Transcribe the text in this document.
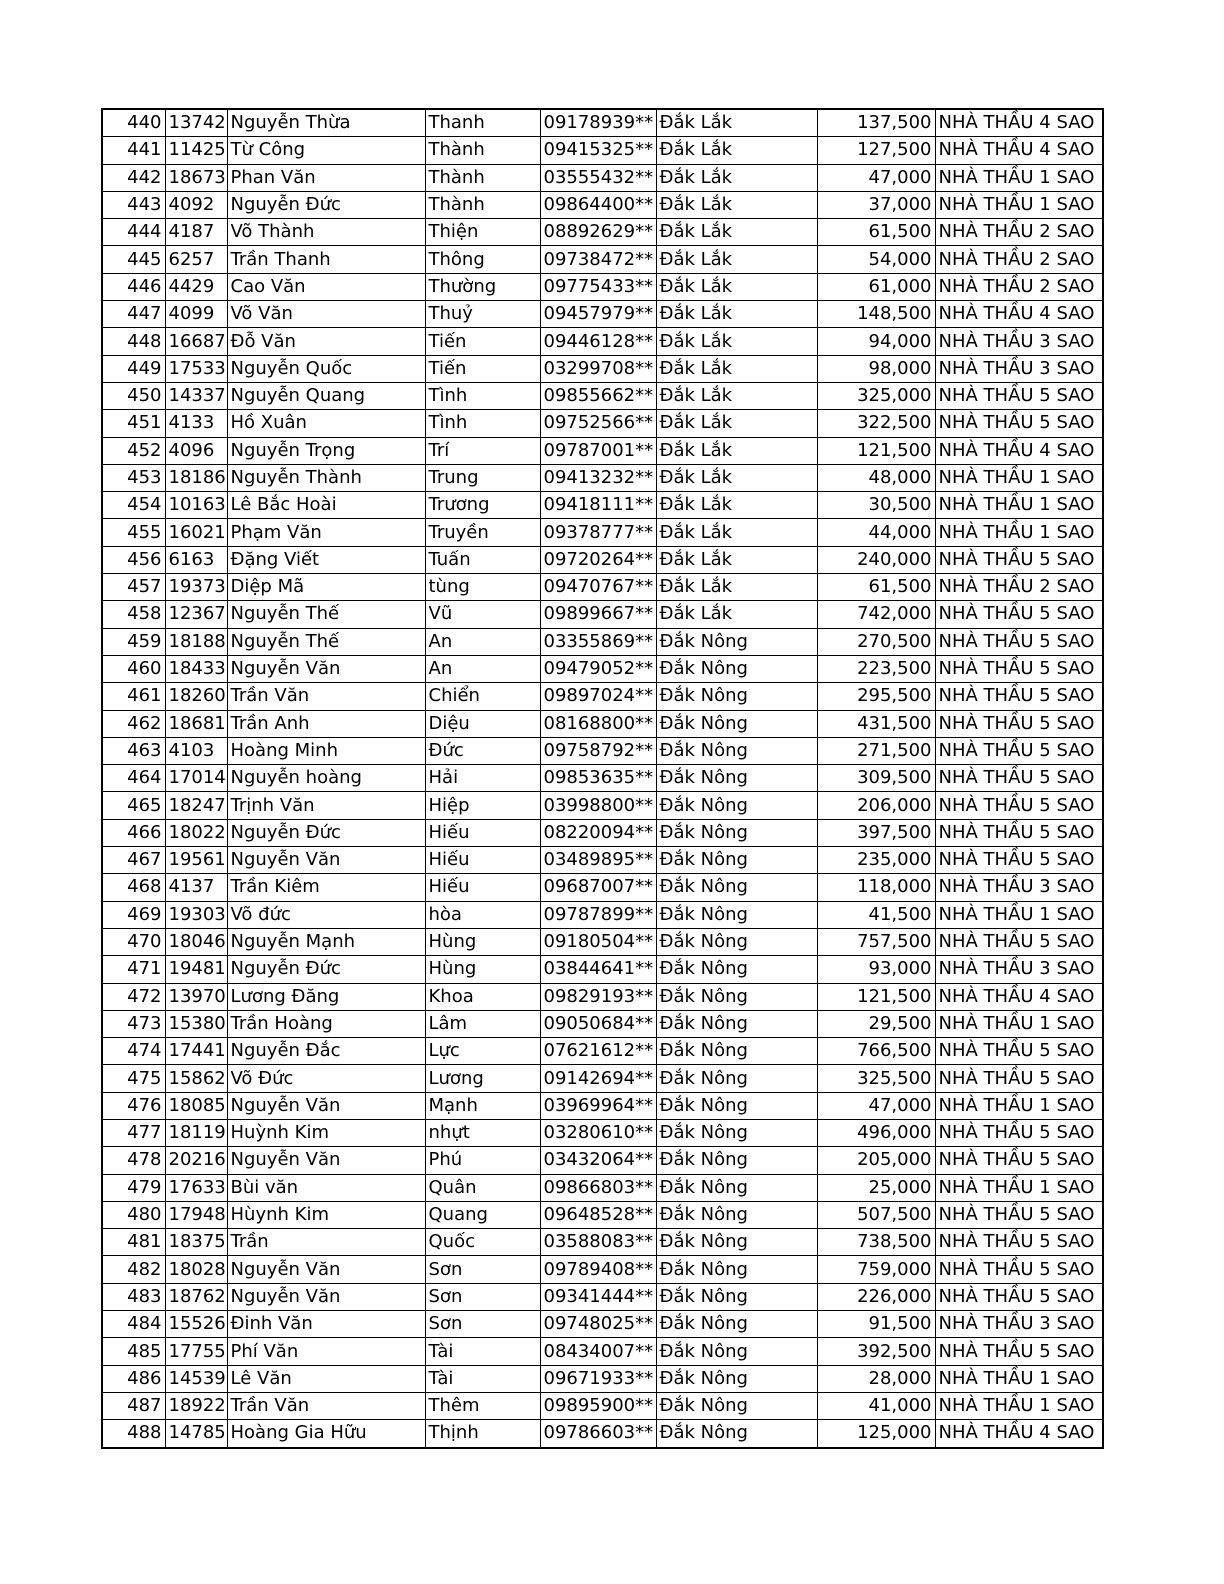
440	13742	Nguyễn Thừa	Thanh	09178939**	Đắk Lắk	137,500	NHÀ THẦU 4 SAO
441	11425	Từ Công	Thành	09415325**	Đắk Lắk	127,500	NHÀ THẦU 4 SAO
442	18673	Phan Văn	Thành	03555432**	Đắk Lắk	47,000	NHÀ THẦU 1 SAO
443	4092	Nguyễn Đức	Thành	09864400**	Đắk Lắk	37,000	NHÀ THẦU 1 SAO
444	4187	Võ Thành	Thiện	08892629**	Đắk Lắk	61,500	NHÀ THẦU 2 SAO
445	6257	Trần Thanh	Thông	09738472**	Đắk Lắk	54,000	NHÀ THẦU 2 SAO
446	4429	Cao Văn	Thường	09775433**	Đắk Lắk	61,000	NHÀ THẦU 2 SAO
447	4099	Võ Văn	Thuỷ	09457979**	Đắk Lắk	148,500	NHÀ THẦU 4 SAO
448	16687	Đỗ Văn	Tiến	09446128**	Đắk Lắk	94,000	NHÀ THẦU 3 SAO
449	17533	Nguyễn Quốc	Tiến	03299708**	Đắk Lắk	98,000	NHÀ THẦU 3 SAO
450	14337	Nguyễn Quang	Tình	09855662**	Đắk Lắk	325,000	NHÀ THẦU 5 SAO
451	4133	Hồ Xuân	Tình	09752566**	Đắk Lắk	322,500	NHÀ THẦU 5 SAO
452	4096	Nguyễn Trọng	Trí	09787001**	Đắk Lắk	121,500	NHÀ THẦU 4 SAO
453	18186	Nguyễn Thành	Trung	09413232**	Đắk Lắk	48,000	NHÀ THẦU 1 SAO
454	10163	Lê Bắc Hoài	Trương	09418111**	Đắk Lắk	30,500	NHÀ THẦU 1 SAO
455	16021	Phạm Văn	Truyền	09378777**	Đắk Lắk	44,000	NHÀ THẦU 1 SAO
456	6163	Đặng Viết	Tuấn	09720264**	Đắk Lắk	240,000	NHÀ THẦU 5 SAO
457	19373	Diệp Mã	tùng	09470767**	Đắk Lắk	61,500	NHÀ THẦU 2 SAO
458	12367	Nguyễn Thế	Vũ	09899667**	Đắk Lắk	742,000	NHÀ THẦU 5 SAO
459	18188	Nguyễn Thế	An	03355869**	Đắk Nông	270,500	NHÀ THẦU 5 SAO
460	18433	Nguyễn Văn	An	09479052**	Đắk Nông	223,500	NHÀ THẦU 5 SAO
461	18260	Trần Văn	Chiển	09897024**	Đắk Nông	295,500	NHÀ THẦU 5 SAO
462	18681	Trần Anh	Diệu	08168800**	Đắk Nông	431,500	NHÀ THẦU 5 SAO
463	4103	Hoàng Minh	Đức	09758792**	Đắk Nông	271,500	NHÀ THẦU 5 SAO
464	17014	Nguyễn hoàng	Hải	09853635**	Đắk Nông	309,500	NHÀ THẦU 5 SAO
465	18247	Trịnh Văn	Hiệp	03998800**	Đắk Nông	206,000	NHÀ THẦU 5 SAO
466	18022	Nguyễn Đức	Hiếu	08220094**	Đắk Nông	397,500	NHÀ THẦU 5 SAO
467	19561	Nguyễn Văn	Hiếu	03489895**	Đắk Nông	235,000	NHÀ THẦU 5 SAO
468	4137	Trần Kiêm	Hiếu	09687007**	Đắk Nông	118,000	NHÀ THẦU 3 SAO
469	19303	Võ đức	hòa	09787899**	Đắk Nông	41,500	NHÀ THẦU 1 SAO
470	18046	Nguyễn Mạnh	Hùng	09180504**	Đắk Nông	757,500	NHÀ THẦU 5 SAO
471	19481	Nguyễn Đức	Hùng	03844641**	Đắk Nông	93,000	NHÀ THẦU 3 SAO
472	13970	Lương Đăng	Khoa	09829193**	Đắk Nông	121,500	NHÀ THẦU 4 SAO
473	15380	Trần Hoàng	Lâm	09050684**	Đắk Nông	29,500	NHÀ THẦU 1 SAO
474	17441	Nguyễn Đắc	Lực	07621612**	Đắk Nông	766,500	NHÀ THẦU 5 SAO
475	15862	Võ Đức	Lương	09142694**	Đắk Nông	325,500	NHÀ THẦU 5 SAO
476	18085	Nguyễn Văn	Mạnh	03969964**	Đắk Nông	47,000	NHÀ THẦU 1 SAO
477	18119	Huỳnh Kim	nhựt	03280610**	Đắk Nông	496,000	NHÀ THẦU 5 SAO
478	20216	Nguyễn Văn	Phú	03432064**	Đắk Nông	205,000	NHÀ THẦU 5 SAO
479	17633	Bùi văn	Quân	09866803**	Đắk Nông	25,000	NHÀ THẦU 1 SAO
480	17948	Hùynh Kim	Quang	09648528**	Đắk Nông	507,500	NHÀ THẦU 5 SAO
481	18375	Trần	Quốc	03588083**	Đắk Nông	738,500	NHÀ THẦU 5 SAO
482	18028	Nguyễn Văn	Sơn	09789408**	Đắk Nông	759,000	NHÀ THẦU 5 SAO
483	18762	Nguyễn Văn	Sơn	09341444**	Đắk Nông	226,000	NHÀ THẦU 5 SAO
484	15526	Đinh Văn	Sơn	09748025**	Đắk Nông	91,500	NHÀ THẦU 3 SAO
485	17755	Phí Văn	Tài	08434007**	Đắk Nông	392,500	NHÀ THẦU 5 SAO
486	14539	Lê Văn	Tài	09671933**	Đắk Nông	28,000	NHÀ THẦU 1 SAO
487	18922	Trần Văn	Thêm	09895900**	Đắk Nông	41,000	NHÀ THẦU 1 SAO
488	14785	Hoàng Gia Hữu	Thịnh	09786603**	Đắk Nông	125,000	NHÀ THẦU 4 SAO
